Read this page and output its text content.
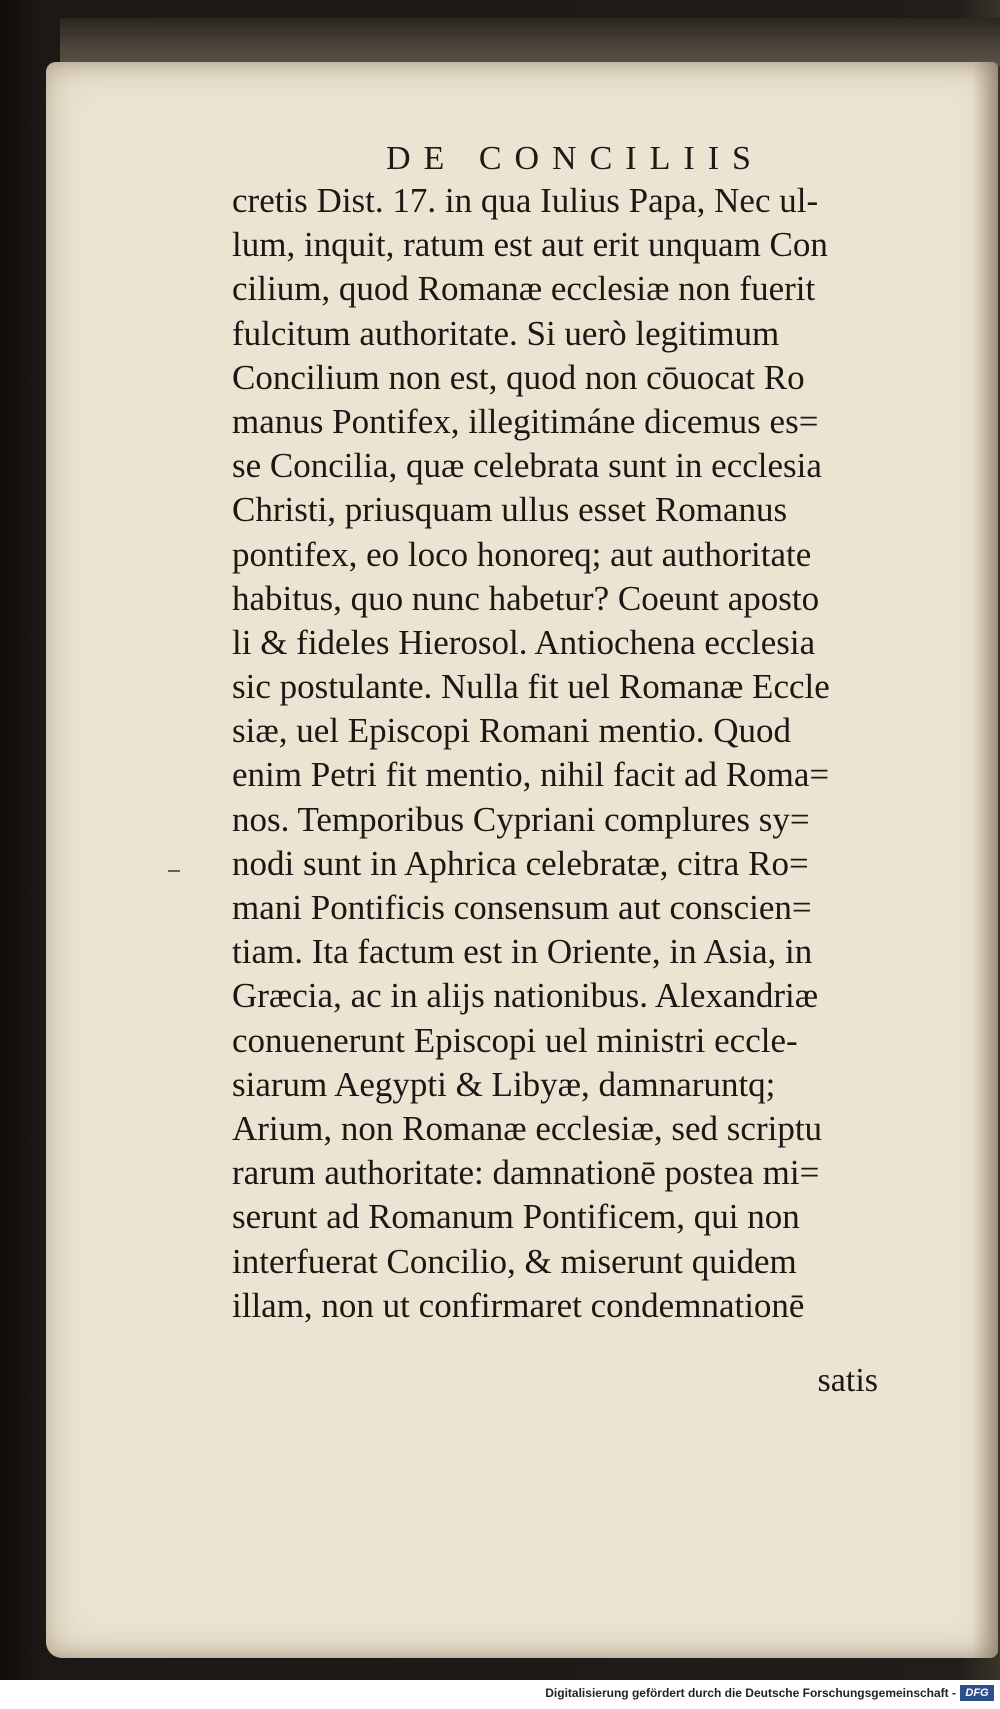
DE CONCILIIS
cretis Dist. 17. in qua Iulius Papa, Nec ul-
lum, inquit, ratum est aut erit unquam Con
cilium, quod Romanæ ecclesiæ non fuerit
fulcitum authoritate. Si uerò legitimum
Concilium non est, quod non cōuocat Ro
manus Pontifex, illegitimáne dicemus es=
se Concilia, quæ celebrata sunt in ecclesia
Christi, priusquam ullus esset Romanus
pontifex, eo loco honoreq; aut authoritate
habitus, quo nunc habetur? Coeunt aposto
li & fideles Hierosol. Antiochena ecclesia
sic postulante. Nulla fit uel Romanæ Eccle
siæ, uel Episcopi Romani mentio. Quod
enim Petri fit mentio, nihil facit ad Roma=
nos. Temporibus Cypriani complures sy=
nodi sunt in Aphrica celebratæ, citra Ro=
mani Pontificis consensum aut conscien=
tiam. Ita factum est in Oriente, in Asia, in
Græcia, ac in alijs nationibus. Alexandriæ
conuenerunt Episcopi uel ministri eccle-
siarum Aegypti & Libyæ, damnaruntq;
Arium, non Romanæ ecclesiæ, sed scriptu
rarum authoritate: damnationē postea mi=
serunt ad Romanum Pontificem, qui non
interfuerat Concilio, & miserunt quidem
illam, non ut confirmaret condemnationē
satis
Digitalisierung gefördert durch die Deutsche Forschungsgemeinschaft - DFG
